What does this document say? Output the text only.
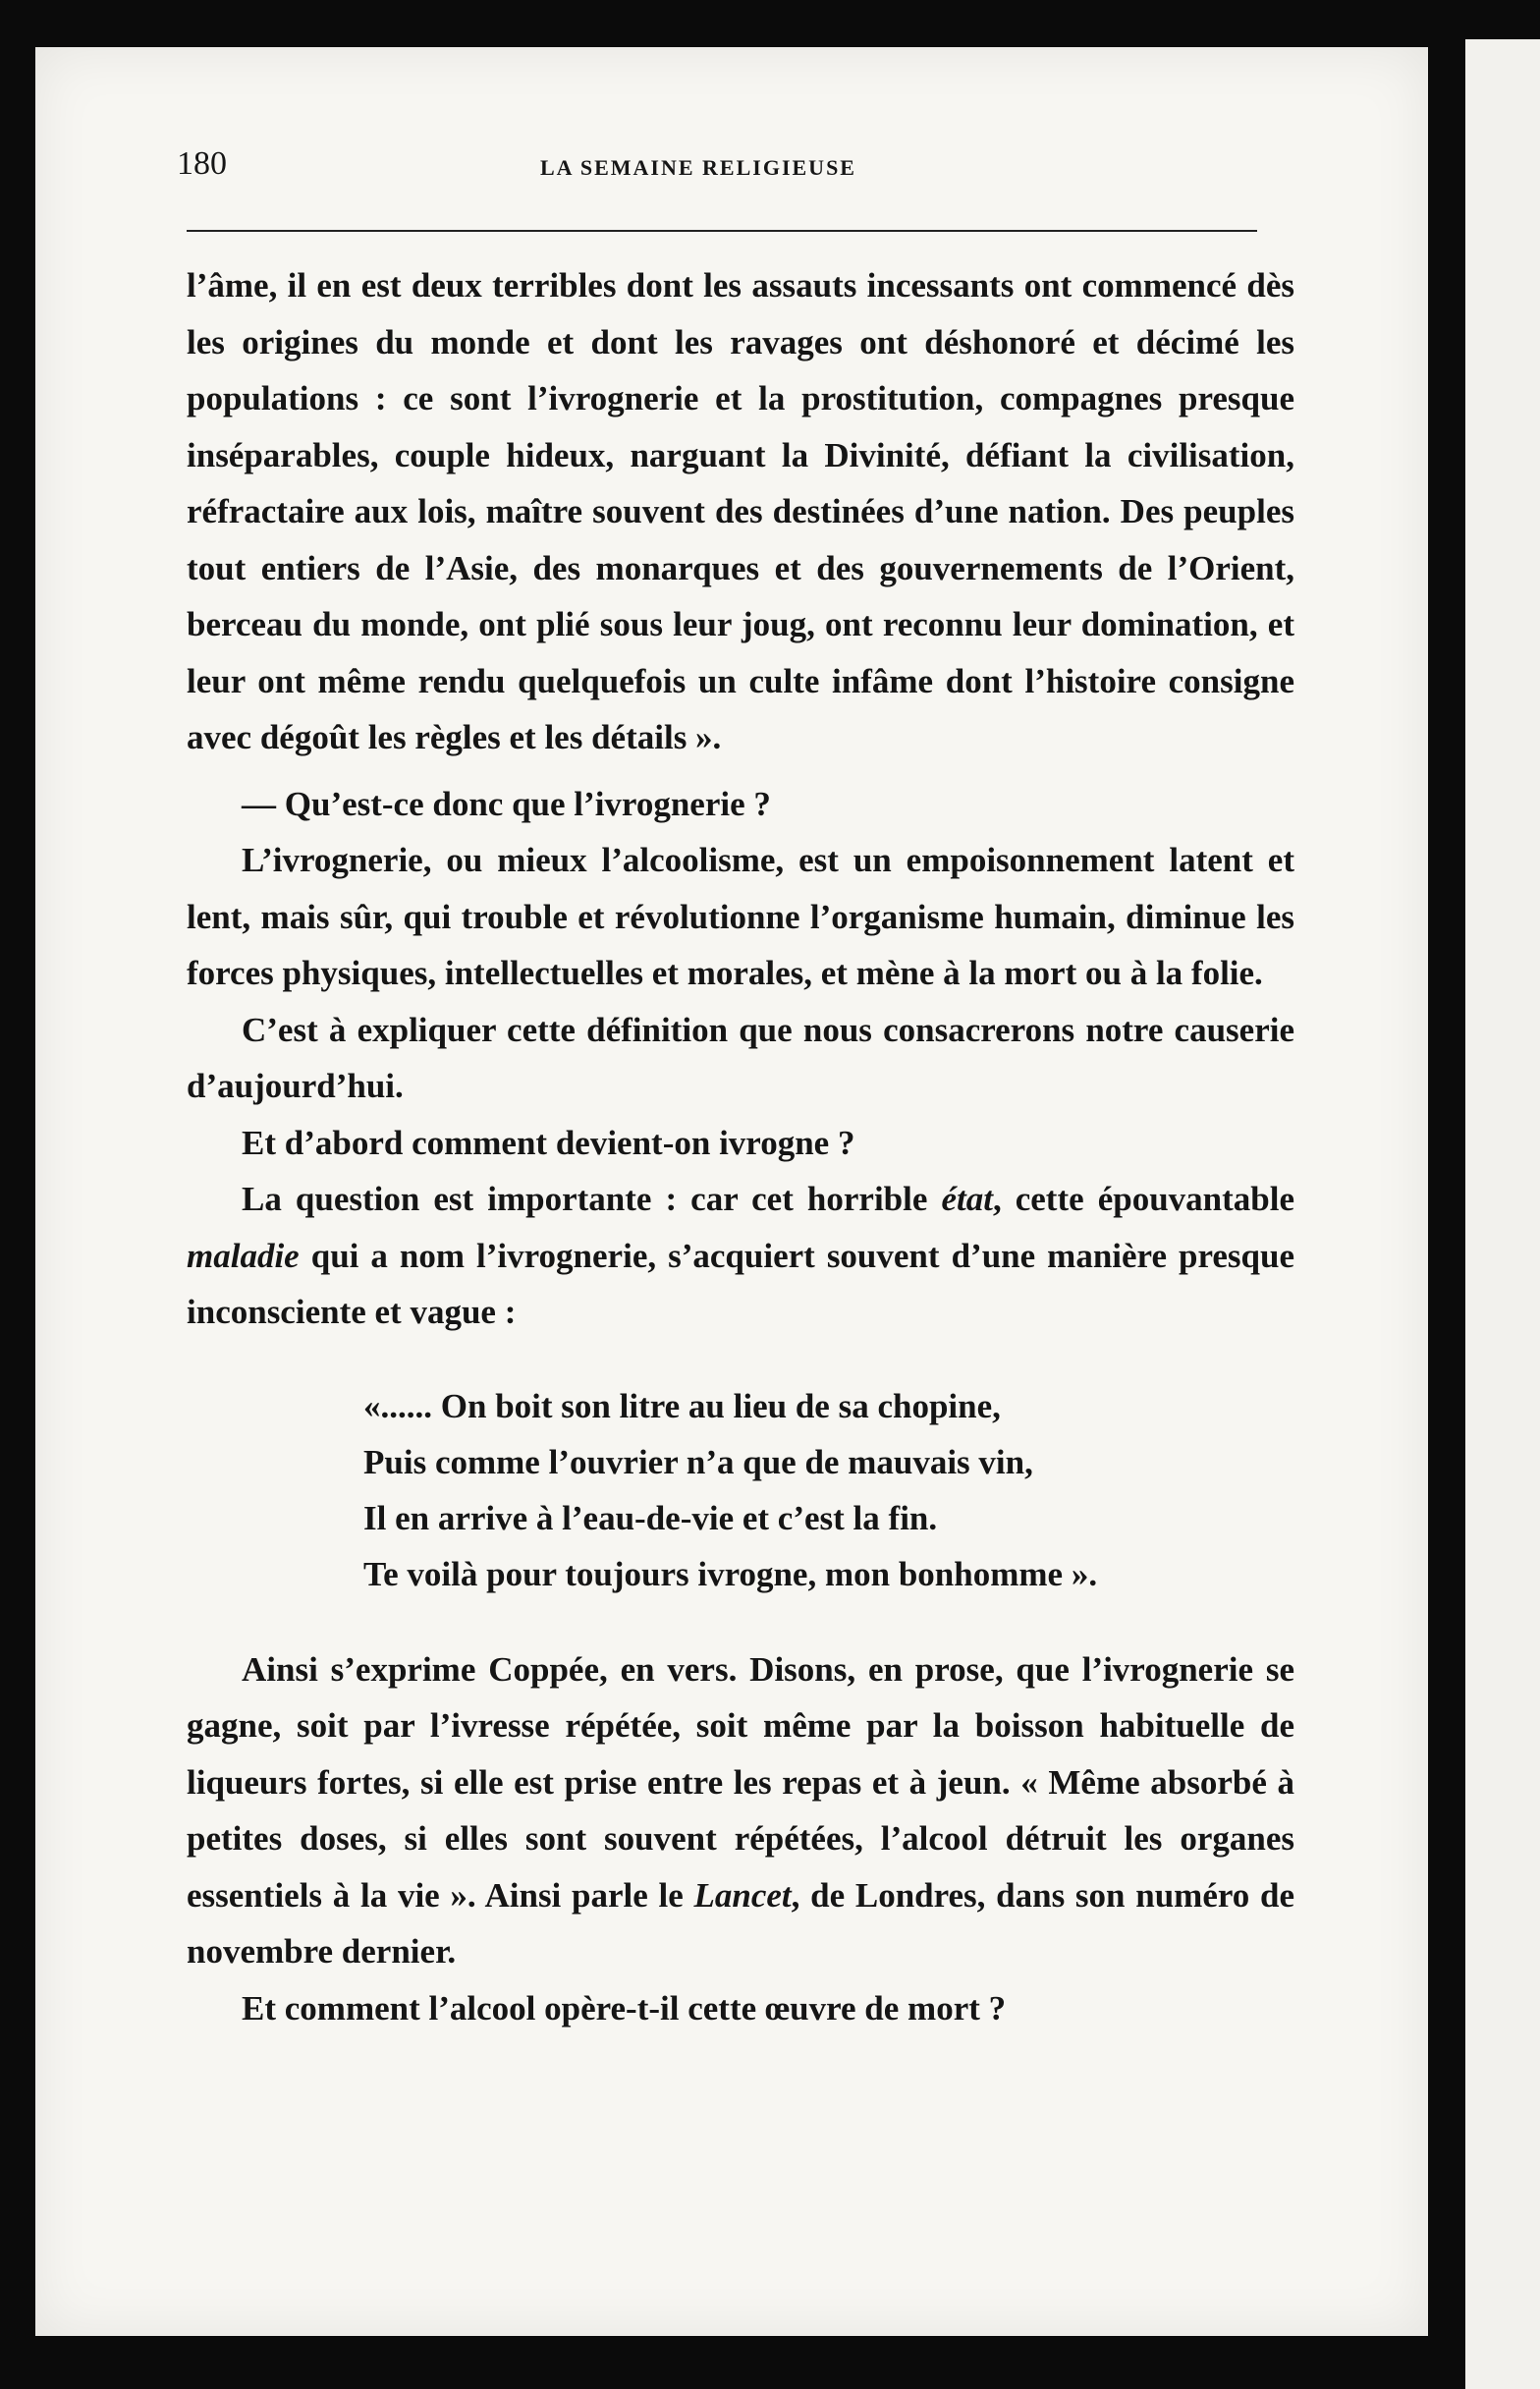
180	LA SEMAINE RELIGIEUSE

l’âme, il en est deux terribles dont les assauts incessants ont commencé dès les origines du monde et dont les ravages ont déshonoré et décimé les populations : ce sont l’ivrognerie et la prostitution, compagnes presque inséparables, couple hideux, narguant la Divinité, défiant la civilisation, réfractaire aux lois, maître souvent des destinées d’une nation. Des peuples tout entiers de l’Asie, des monarques et des gouvernements de l’Orient, berceau du monde, ont plié sous leur joug, ont reconnu leur domination, et leur ont même rendu quelquefois un culte infâme dont l’histoire consigne avec dégoût les règles et les détails ».

— Qu’est-ce donc que l’ivrognerie ?

L’ivrognerie, ou mieux l’alcoolisme, est un empoisonnement latent et lent, mais sûr, qui trouble et révolutionne l’organisme humain, diminue les forces physiques, intellectuelles et morales, et mène à la mort ou à la folie.

C’est à expliquer cette définition que nous consacrerons notre causerie d’aujourd’hui.

Et d’abord comment devient-on ivrogne ?

La question est importante : car cet horrible état, cette épouvantable maladie qui a nom l’ivrognerie, s’acquiert souvent d’une manière presque inconsciente et vague :

«...... On boit son litre au lieu de sa chopine,
Puis comme l’ouvrier n’a que de mauvais vin,
Il en arrive à l’eau-de-vie et c’est la fin.
Te voilà pour toujours ivrogne, mon bonhomme ».

Ainsi s’exprime Coppée, en vers. Disons, en prose, que l’ivrognerie se gagne, soit par l’ivresse répétée, soit même par la boisson habituelle de liqueurs fortes, si elle est prise entre les repas et à jeun. « Même absorbé à petites doses, si elles sont souvent répétées, l’alcool détruit les organes essentiels à la vie ». Ainsi parle le Lancet, de Londres, dans son numéro de novembre dernier.

Et comment l’alcool opère-t-il cette œuvre de mort ?
